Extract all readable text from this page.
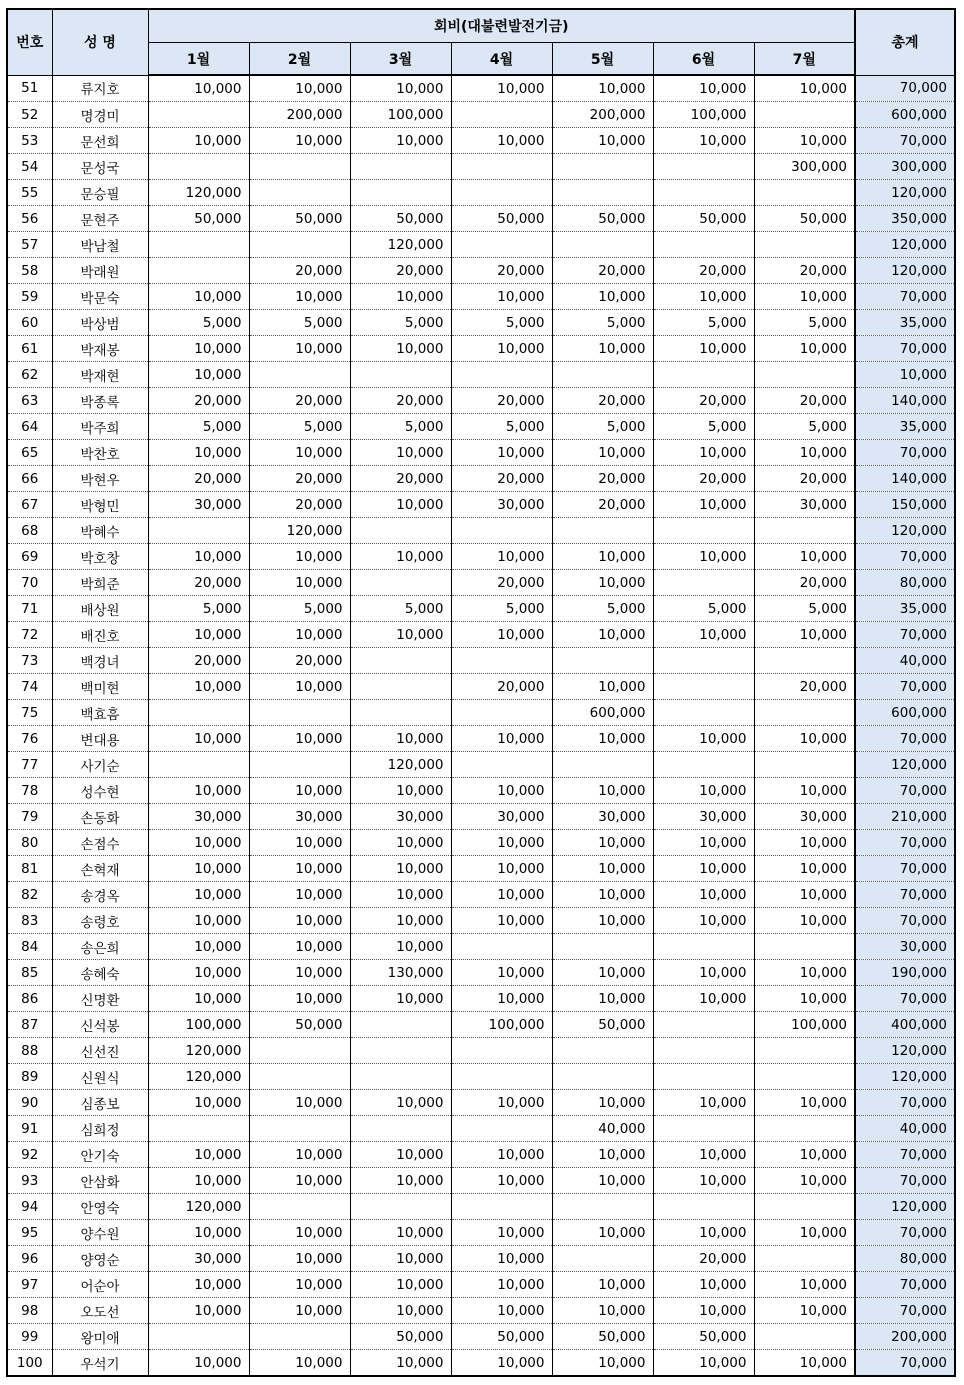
번호	성 명	회비(대불련발전기금)							총계
		1월	2월	3월	4월	5월	6월	7월	
51	류지호	10,000	10,000	10,000	10,000	10,000	10,000	10,000	70,000
52	명경미		200,000	100,000		200,000	100,000		600,000
53	문선희	10,000	10,000	10,000	10,000	10,000	10,000	10,000	70,000
54	문성국							300,000	300,000
55	문승필	120,000							120,000
56	문현주	50,000	50,000	50,000	50,000	50,000	50,000	50,000	350,000
57	박남철			120,000					120,000
58	박래원		20,000	20,000	20,000	20,000	20,000	20,000	120,000
59	박문숙	10,000	10,000	10,000	10,000	10,000	10,000	10,000	70,000
60	박상범	5,000	5,000	5,000	5,000	5,000	5,000	5,000	35,000
61	박재봉	10,000	10,000	10,000	10,000	10,000	10,000	10,000	70,000
62	박재현	10,000							10,000
63	박종록	20,000	20,000	20,000	20,000	20,000	20,000	20,000	140,000
64	박주희	5,000	5,000	5,000	5,000	5,000	5,000	5,000	35,000
65	박찬호	10,000	10,000	10,000	10,000	10,000	10,000	10,000	70,000
66	박현우	20,000	20,000	20,000	20,000	20,000	20,000	20,000	140,000
67	박형민	30,000	20,000	10,000	30,000	20,000	10,000	30,000	150,000
68	박혜수		120,000						120,000
69	박호창	10,000	10,000	10,000	10,000	10,000	10,000	10,000	70,000
70	박희준	20,000	10,000		20,000	10,000		20,000	80,000
71	배상원	5,000	5,000	5,000	5,000	5,000	5,000	5,000	35,000
72	배진호	10,000	10,000	10,000	10,000	10,000	10,000	10,000	70,000
73	백경녀	20,000	20,000						40,000
74	백미현	10,000	10,000		20,000	10,000		20,000	70,000
75	백효흠					600,000			600,000
76	변대용	10,000	10,000	10,000	10,000	10,000	10,000	10,000	70,000
77	사기순			120,000					120,000
78	성수현	10,000	10,000	10,000	10,000	10,000	10,000	10,000	70,000
79	손동화	30,000	30,000	30,000	30,000	30,000	30,000	30,000	210,000
80	손점수	10,000	10,000	10,000	10,000	10,000	10,000	10,000	70,000
81	손혁재	10,000	10,000	10,000	10,000	10,000	10,000	10,000	70,000
82	송경옥	10,000	10,000	10,000	10,000	10,000	10,000	10,000	70,000
83	송령호	10,000	10,000	10,000	10,000	10,000	10,000	10,000	70,000
84	송은희	10,000	10,000	10,000					30,000
85	송혜숙	10,000	10,000	130,000	10,000	10,000	10,000	10,000	190,000
86	신명환	10,000	10,000	10,000	10,000	10,000	10,000	10,000	70,000
87	신석봉	100,000	50,000		100,000	50,000		100,000	400,000
88	신선진	120,000							120,000
89	신원식	120,000							120,000
90	심종보	10,000	10,000	10,000	10,000	10,000	10,000	10,000	70,000
91	심희정					40,000			40,000
92	안기숙	10,000	10,000	10,000	10,000	10,000	10,000	10,000	70,000
93	안삼화	10,000	10,000	10,000	10,000	10,000	10,000	10,000	70,000
94	안영숙	120,000							120,000
95	양수원	10,000	10,000	10,000	10,000	10,000	10,000	10,000	70,000
96	양영순	30,000	10,000	10,000	10,000		20,000		80,000
97	어순아	10,000	10,000	10,000	10,000	10,000	10,000	10,000	70,000
98	오도선	10,000	10,000	10,000	10,000	10,000	10,000	10,000	70,000
99	왕미애			50,000	50,000	50,000	50,000		200,000
100	우석기	10,000	10,000	10,000	10,000	10,000	10,000	10,000	70,000
